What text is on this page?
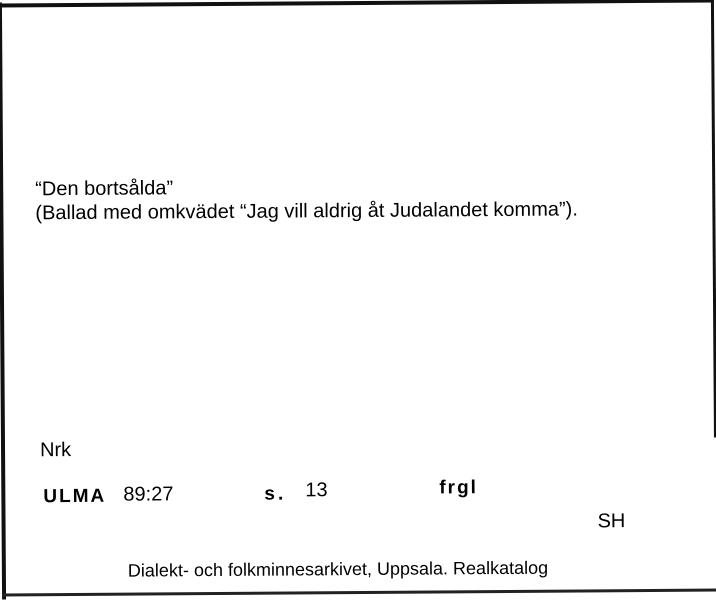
“Den bortsålda”
(Ballad med omkvädet “Jag vill aldrig åt Judalandet komma”).
Nrk
ULMA 89:27	s. 13	frgl
SH
Dialekt- och folkminnesarkivet, Uppsala. Realkatalog
